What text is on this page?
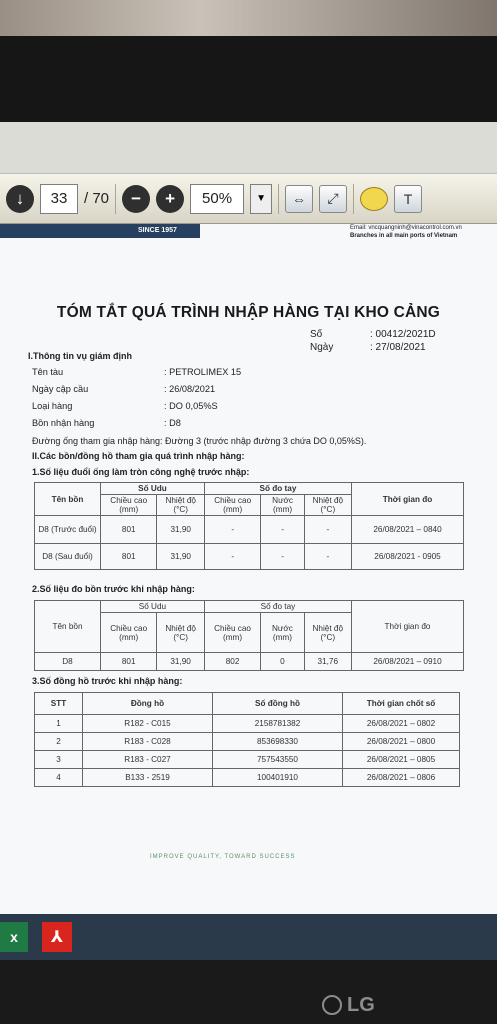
↓	33	/ 70	−	+	50%	▼	⇔	⤢	T
SINCE 1957	Email: vncquangninh@vinacontrol.com.vn
Branches in all main ports of Vietnam
TÓM TẮT QUÁ TRÌNH NHẬP HÀNG TẠI KHO CẢNG
Số	: 00412/2021D
Ngày	: 27/08/2021
I.Thông tin vụ giám định
Tên tàu	: PETROLIMEX 15
Ngày cập cầu	: 26/08/2021
Loại hàng	: DO 0,05%S
Bồn nhận hàng	: D8
Đường ống tham gia nhập hàng: Đường 3 (trước nhập đường 3 chứa DO 0,05%S).
II.Các bồn/đồng hồ tham gia quá trình nhập hàng:
1.Số liệu đuổi ống làm tròn công nghệ trước nhập:
Tên bồn	Số Udu		Số đo tay			Thời gian đo
	Chiều cao (mm)	Nhiệt độ (°C)	Chiều cao (mm)	Nước (mm)	Nhiệt độ (°C)	
D8 (Trước đuổi)	801	31,90	-	-	-	26/08/2021 – 0840
D8 (Sau đuổi)	801	31,90	-	-	-	26/08/2021 - 0905
2.Số liệu đo bồn trước khi nhập hàng:
Tên bồn	Số Udu		Số đo tay			Thời gian đo
	Chiều cao (mm)	Nhiệt độ (°C)	Chiều cao (mm)	Nước (mm)	Nhiệt độ (°C)	
D8	801	31,90	802	0	31,76	26/08/2021 – 0910
3.Số đồng hồ trước khi nhập hàng:
STT	Đồng hồ	Số đồng hồ	Thời gian chốt số
1	R182 - C015	2158781382	26/08/2021 – 0802
2	R183 - C028	853698330	26/08/2021 – 0800
3	R183 - C027	757543550	26/08/2021 – 0805
4	B133 - 2519	100401910	26/08/2021 – 0806
IMPROVE QUALITY, TOWARD SUCCESS
x	⅄
LG
